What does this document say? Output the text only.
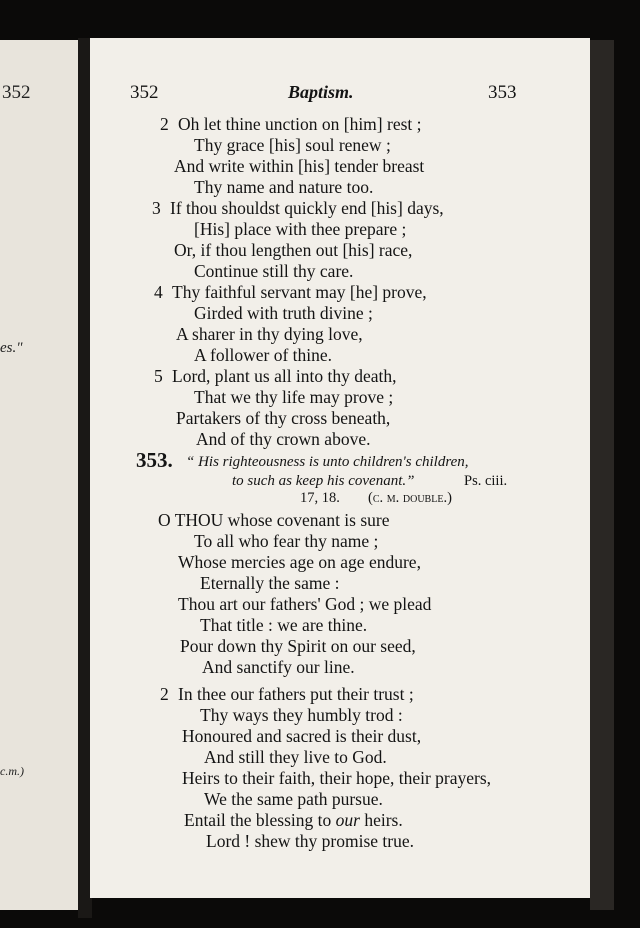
352
es."
c.m.)
352	Baptism.	353
2 Oh let thine unction on [him] rest ;
Thy grace [his] soul renew ;
And write within [his] tender breast
Thy name and nature too.
3 If thou shouldst quickly end [his] days,
[His] place with thee prepare ;
Or, if thou lengthen out [his] race,
Continue still thy care.
4 Thy faithful servant may [he] prove,
Girded with truth divine ;
A sharer in thy dying love,
A follower of thine.
5 Lord, plant us all into thy death,
That we thy life may prove ;
Partakers of thy cross beneath,
And of thy crown above.
353. “ His righteousness is unto children's children,
to such as keep his covenant.”	Ps. ciii.
17, 18. (c. m. double.)
O THOU whose covenant is sure
To all who fear thy name ;
Whose mercies age on age endure,
Eternally the same :
Thou art our fathers' God ; we plead
That title : we are thine.
Pour down thy Spirit on our seed,
And sanctify our line.
2 In thee our fathers put their trust ;
Thy ways they humbly trod :
Honoured and sacred is their dust,
And still they live to God.
Heirs to their faith, their hope, their prayers,
We the same path pursue.
Entail the blessing to our heirs.
Lord ! shew thy promise true.
